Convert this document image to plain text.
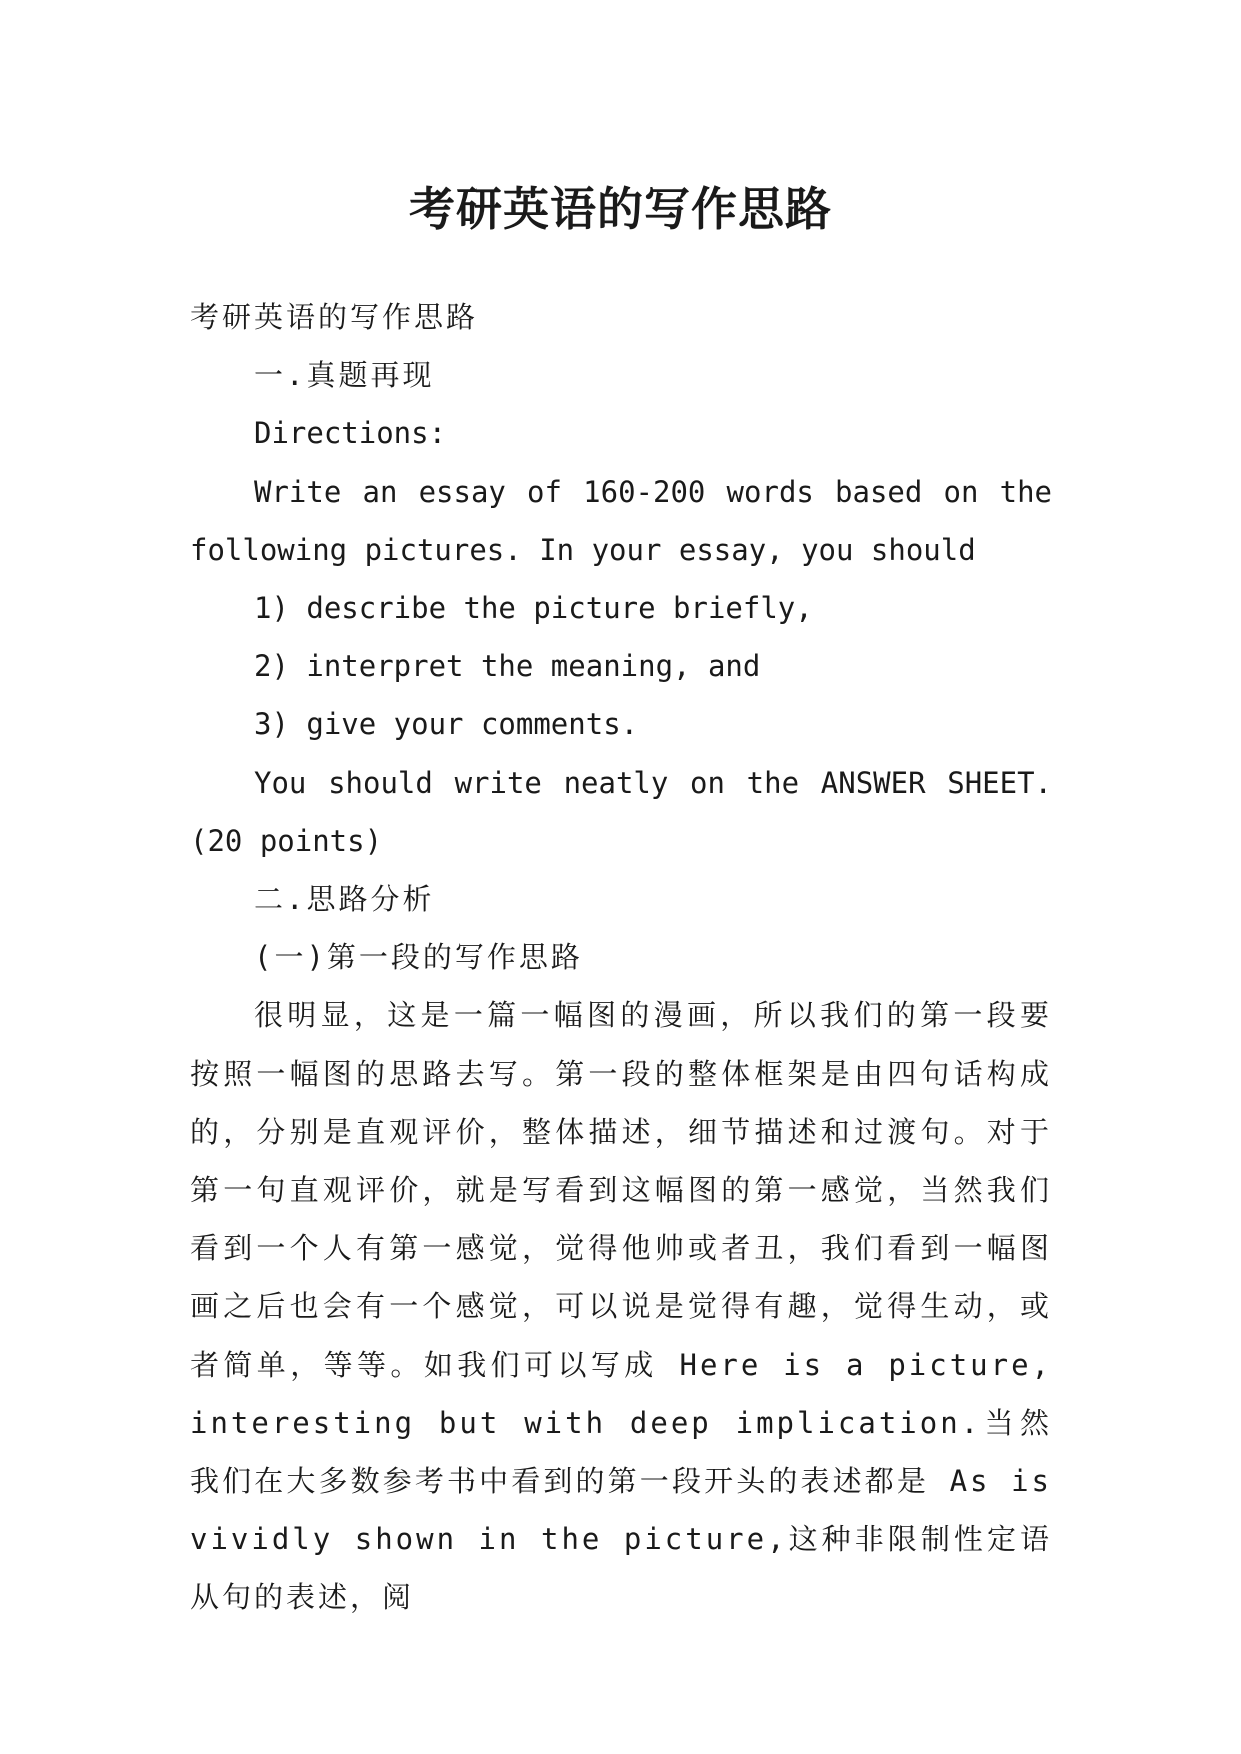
考研英语的写作思路

考研英语的写作思路

一.真题再现

Directions:

Write an essay of 160-200 words based on the following pictures. In your essay, you should

1) describe the picture briefly,

2) interpret the meaning, and

3) give your comments.

You should write neatly on the ANSWER SHEET. (20 points)

二.思路分析

(一)第一段的写作思路

很明显，这是一篇一幅图的漫画，所以我们的第一段要按照一幅图的思路去写。第一段的整体框架是由四句话构成的，分别是直观评价，整体描述，细节描述和过渡句。对于第一句直观评价，就是写看到这幅图的第一感觉，当然我们看到一个人有第一感觉，觉得他帅或者丑，我们看到一幅图画之后也会有一个感觉，可以说是觉得有趣，觉得生动，或者简单，等等。如我们可以写成 Here is a picture, interesting but with deep implication.当然我们在大多数参考书中看到的第一段开头的表述都是 As is vividly shown in the picture,这种非限制性定语从句的表述，阅
